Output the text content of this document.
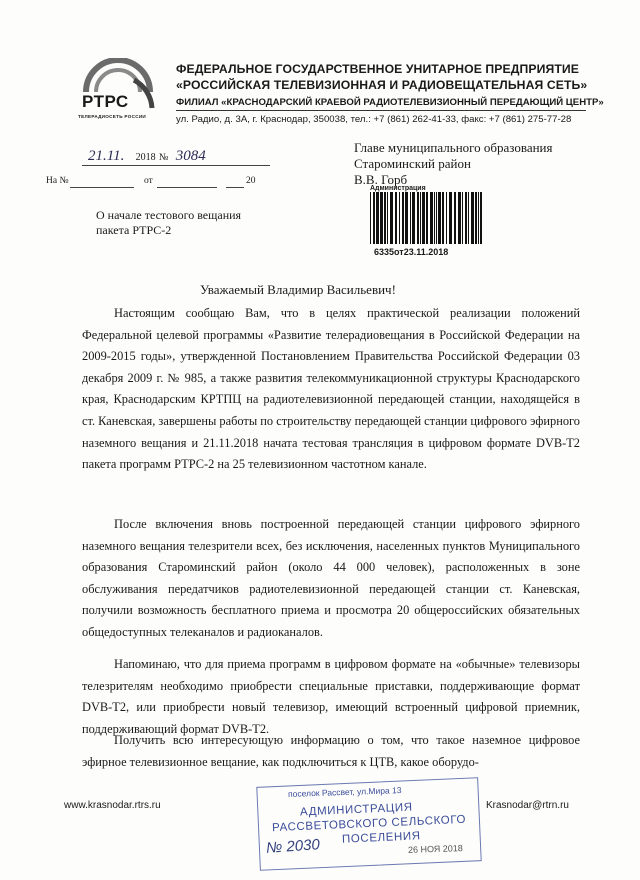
РТРС
ТЕЛЕРАДИОСЕТЬ РОССИИ
ФЕДЕРАЛЬНОЕ ГОСУДАРСТВЕННОЕ УНИТАРНОЕ ПРЕДПРИЯТИЕ
«РОССИЙСКАЯ ТЕЛЕВИЗИОННАЯ И РАДИОВЕЩАТЕЛЬНАЯ СЕТЬ»
ФИЛИАЛ «КРАСНОДАРСКИЙ КРАЕВОЙ РАДИОТЕЛЕВИЗИОННЫЙ ПЕРЕДАЮЩИЙ ЦЕНТР»
ул. Радио, д. 3А, г. Краснодар, 350038, тел.: +7 (861) 262-41-33, факс: +7 (861) 275-77-28
21.11. 2018 № 3084
На №	от	20
О начале тестового вещания
пакета РТРС-2
Главе муниципального образования
Староминский район
В.В. Горб
Администрация
6335от23.11.2018
Уважаемый Владимир Васильевич!

Настоящим сообщаю Вам, что в целях практической реализации положений Федеральной целевой программы «Развитие телерадиовещания в Российской Федерации на 2009-2015 годы», утвержденной Постановлением Правительства Российской Федерации 03 декабря 2009 г. № 985, а также развития телекоммуникационной структуры Краснодарского края, Краснодарским КРТПЦ на радиотелевизионной передающей станции, находящейся в ст. Каневская, завершены работы по строительству передающей станции цифрового эфирного наземного вещания и 21.11.2018 начата тестовая трансляция в цифровом формате DVB-T2 пакета программ РТРС-2 на 25 телевизионном частотном канале.

После включения вновь построенной передающей станции цифрового эфирного наземного вещания телезрители всех, без исключения, населенных пунктов Муниципального образования Староминский район (около 44 000 человек), расположенных в зоне обслуживания передатчиков радиотелевизионной передающей станции ст. Каневская, получили возможность бесплатного приема и просмотра 20 общероссийских обязательных общедоступных телеканалов и радиоканалов.

Напоминаю, что для приема программ в цифровом формате на «обычные» телевизоры телезрителям необходимо приобрести специальные приставки, поддерживающие формат DVB-T2, или приобрести новый телевизор, имеющий встроенный цифровой приемник, поддерживающий формат DVB-T2.

Получить всю интересующую информацию о том, что такое наземное цифровое эфирное телевизионное вещание, как подключиться к ЦТВ, какое оборудо-

www.krasnodar.rtrs.ru	Krasnodar@rtrn.ru
поселок Рассвет, ул.Мира 13
АДМИНИСТРАЦИЯ
РАССВЕТОВСКОГО СЕЛЬСКОГО
ПОСЕЛЕНИЯ
№ 2030	26 НОЯ 2018
